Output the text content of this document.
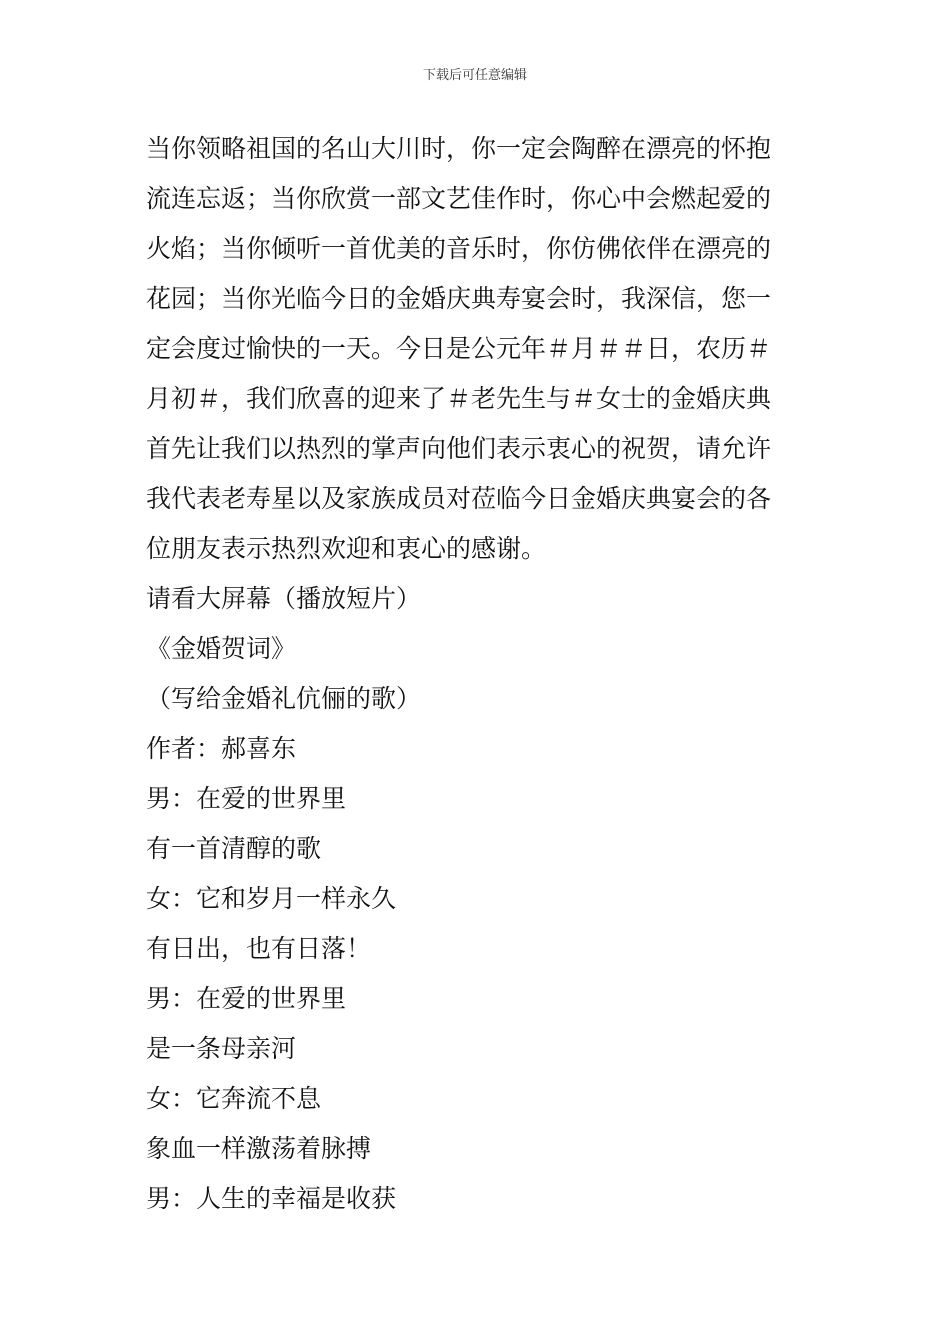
下载后可任意编辑

当你领略祖国的名山大川时，你一定会陶醉在漂亮的怀抱

流连忘返；当你欣赏一部文艺佳作时，你心中会燃起爱的

火焰；当你倾听一首优美的音乐时，你仿佛依伴在漂亮的

花园；当你光临今日的金婚庆典寿宴会时，我深信，您一

定会度过愉快的一天。今日是公元年＃月＃＃日，农历＃

月初＃，我们欣喜的迎来了＃老先生与＃女士的金婚庆典

首先让我们以热烈的掌声向他们表示衷心的祝贺，请允许

我代表老寿星以及家族成员对莅临今日金婚庆典宴会的各

位朋友表示热烈欢迎和衷心的感谢。

请看大屏幕（播放短片）

《金婚贺词》

（写给金婚礼伉俪的歌）

作者：郝喜东

男：在爱的世界里

有一首清醇的歌

女：它和岁月一样永久

有日出，也有日落！

男：在爱的世界里

是一条母亲河

女：它奔流不息

象血一样激荡着脉搏

男：人生的幸福是收获
